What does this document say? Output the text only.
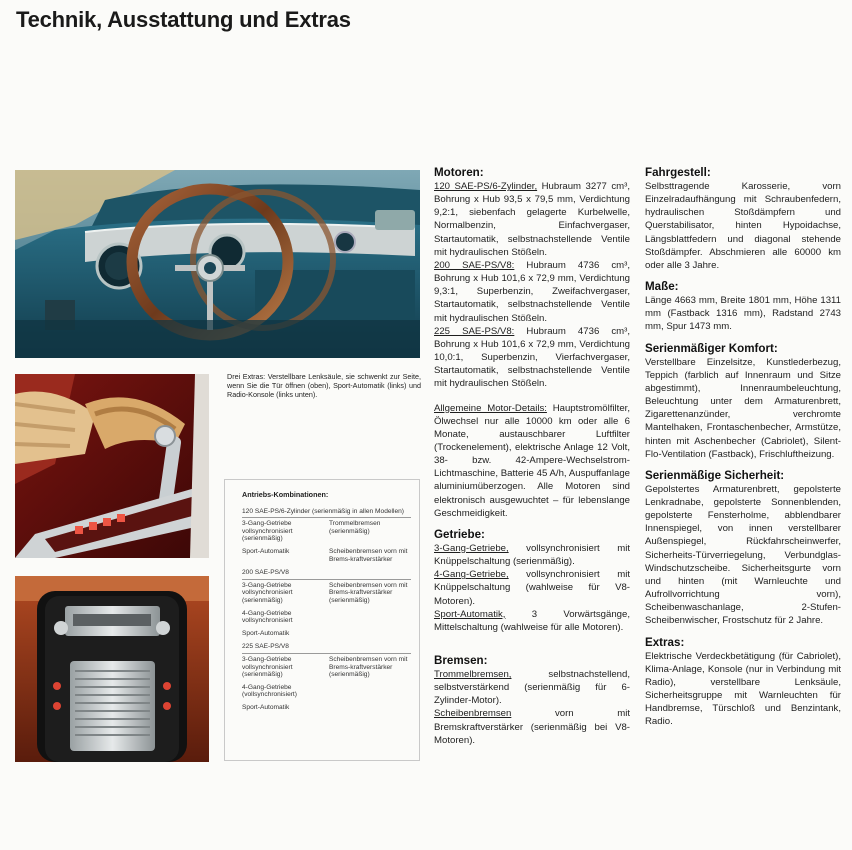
Technik, Ausstattung und Extras

Drei Extras: Verstellbare Lenksäule, sie schwenkt zur Seite, wenn Sie die Tür öffnen (oben), Sport-Automatik (links) und Radio-Konsole (links unten).

Antriebs-Kombinationen:
120 SAE-PS/6-Zylinder (serienmäßig in allen Modellen)
3-Gang-Getriebe vollsynchronisiert (serienmäßig)
Trommelbremsen (serienmäßig)
Sport-Automatik	Scheibenbremsen vorn mit Brems-kraftverstärker
200 SAE-PS/V8
3-Gang-Getriebe vollsynchronisiert (serienmäßig)
Scheibenbremsen vorn mit Brems-kraftverstärker (serienmäßig)
4-Gang-Getriebe vollsynchronisiert
Sport-Automatik
225 SAE-PS/V8
3-Gang-Getriebe vollsynchronisiert (serienmäßig)
Scheibenbremsen vorn mit Brems-kraftverstärker (serienmäßig)
4-Gang-Getriebe (vollsynchronisiert)
Sport-Automatik
Motoren:

120 SAE-PS/6-Zylinder, Hubraum 3277 cm³, Bohrung x Hub 93,5 x 79,5 mm, Verdichtung 9,2:1, siebenfach gelagerte Kurbelwelle, Normalbenzin, Einfachvergaser, Startautomatik, selbstnachstellende Ventile mit hydraulischen Stößeln.

200 SAE-PS/V8: Hubraum 4736 cm³, Bohrung x Hub 101,6 x 72,9 mm, Verdichtung 9,3:1, Superbenzin, Zweifachvergaser, Startautomatik, selbstnachstellende Ventile mit hydraulischen Stößeln.

225 SAE-PS/V8: Hubraum 4736 cm³, Bohrung x Hub 101,6 x 72,9 mm, Verdichtung 10,0:1, Superbenzin, Vierfachvergaser, Startautomatik, selbstnachstellende Ventile mit hydraulischen Stößeln.

Allgemeine Motor-Details: Hauptstromölfilter, Ölwechsel nur alle 10000 km oder alle 6 Monate, austauschbarer Luftfilter (Trockenelement), elektrische Anlage 12 Volt, 38- bzw. 42-Ampere-Wechselstrom-Lichtmaschine, Batterie 45 A/h, Auspuffanlage aluminiumüberzogen. Alle Motoren sind elektronisch ausgewuchtet – für lebenslange Geschmeidigkeit.

Getriebe:

3-Gang-Getriebe, vollsynchronisiert mit Knüppelschaltung (serienmäßig).

4-Gang-Getriebe, vollsynchronisiert mit Knüppelschaltung (wahlweise für V8-Motoren).

Sport-Automatik, 3 Vorwärtsgänge, Mittelschaltung (wahlweise für alle Motoren).

Bremsen:

Trommelbremsen, selbstnachstellend, selbstverstärkend (serienmäßig für 6-Zylinder-Motor).

Scheibenbremsen vorn mit Bremskraftverstärker (serienmäßig bei V8-Motoren).

Fahrgestell:

Selbsttragende Karosserie, vorn Einzelradaufhängung mit Schraubenfedern, hydraulischen Stoßdämpfern und Querstabilisator, hinten Hypoidachse, Längsblattfedern und diagonal stehende Stoßdämpfer. Abschmieren alle 60000 km oder alle 3 Jahre.

Maße:

Länge 4663 mm, Breite 1801 mm, Höhe 1311 mm (Fastback 1316 mm), Radstand 2743 mm, Spur 1473 mm.

Serienmäßiger Komfort:

Verstellbare Einzelsitze, Kunstlederbezug, Teppich (farblich auf Innenraum und Sitze abgestimmt), Innenraumbeleuchtung, Beleuchtung unter dem Armaturenbrett, Zigarettenanzünder, verchromte Mantelhaken, Frontaschenbecher, Armstütze, hinten mit Aschenbecher (Cabriolet), Silent-Flo-Ventilation (Fastback), Frischluftheizung.

Serienmäßige Sicherheit:

Gepolstertes Armaturenbrett, gepolsterte Lenkradnabe, gepolsterte Sonnenblenden, gepolsterte Fensterholme, abblendbarer Innenspiegel, von innen verstellbarer Außenspiegel, Rückfahrscheinwerfer, Sicherheits-Türverriegelung, Verbundglas-Windschutzscheibe. Sicherheitsgurte vorn und hinten (mit Warnleuchte und Aufrollvorrichtung vorn), Scheibenwaschanlage, 2-Stufen-Scheibenwischer, Frostschutz für 2 Jahre.

Extras:

Elektrische Verdeckbetätigung (für Cabriolet), Klima-Anlage, Konsole (nur in Verbindung mit Radio), verstellbare Lenksäule, Sicherheitsgruppe mit Warnleuchten für Handbremse, Türschloß und Benzintank, Radio.
